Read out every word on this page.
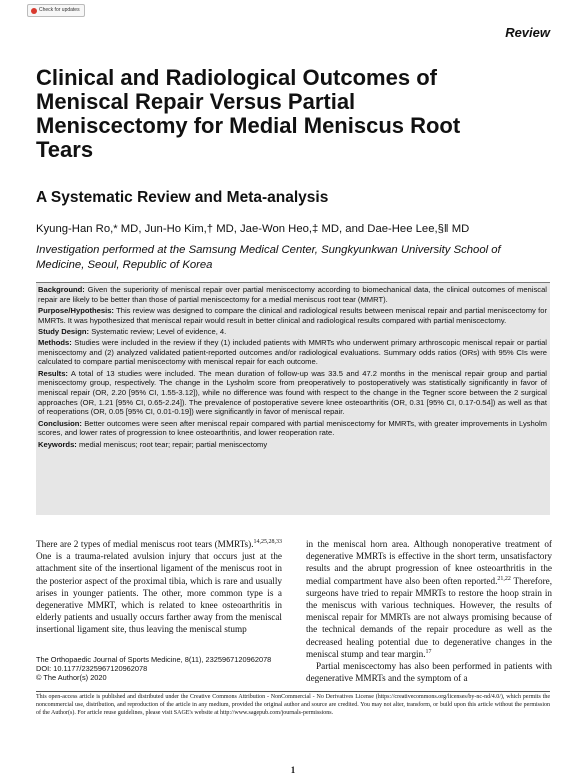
Check for updates
Review
Clinical and Radiological Outcomes of Meniscal Repair Versus Partial Meniscectomy for Medial Meniscus Root Tears
A Systematic Review and Meta-analysis
Kyung-Han Ro,* MD, Jun-Ho Kim,† MD, Jae-Won Heo,‡ MD, and Dae-Hee Lee,§‖ MD
Investigation performed at the Samsung Medical Center, Sungkyunkwan University School of Medicine, Seoul, Republic of Korea

Background: Given the superiority of meniscal repair over partial meniscectomy according to biomechanical data, the clinical outcomes of meniscal repair are likely to be better than those of partial meniscectomy for a medial meniscus root tear (MMRT).

Purpose/Hypothesis: This review was designed to compare the clinical and radiological results between meniscal repair and partial meniscectomy for MMRTs. It was hypothesized that meniscal repair would result in better clinical and radiological results compared with partial meniscectomy.

Study Design: Systematic review; Level of evidence, 4.

Methods: Studies were included in the review if they (1) included patients with MMRTs who underwent primary arthroscopic meniscal repair or partial meniscectomy and (2) analyzed validated patient-reported outcomes and/or radiological evaluations. Summary odds ratios (ORs) with 95% CIs were calculated to compare partial meniscectomy with meniscal repair for each outcome.

Results: A total of 13 studies were included. The mean duration of follow-up was 33.5 and 47.2 months in the meniscal repair group and partial meniscectomy group, respectively. The change in the Lysholm score from preoperatively to postoperatively was statistically significantly in favor of meniscal repair (OR, 2.20 [95% CI, 1.55-3.12]), while no difference was found with respect to the change in the Tegner score between the 2 surgical approaches (OR, 1.21 [95% CI, 0.65-2.24]). The prevalence of postoperative severe knee osteoarthritis (OR, 0.31 [95% CI, 0.17-0.54]) as well as that of reoperations (OR, 0.05 [95% CI, 0.01-0.19]) were significantly in favor of meniscal repair.

Conclusion: Better outcomes were seen after meniscal repair compared with partial meniscectomy for MMRTs, with greater improvements in Lysholm scores, and lower rates of progression to knee osteoarthritis, and lower reoperation rate.

Keywords: medial meniscus; root tear; repair; partial meniscectomy

There are 2 types of medial meniscus root tears (MMRTs).$^{14,25,28,33}$ One is a trauma-related avulsion injury that occurs just at the attachment site of the insertional ligament of the meniscus root in the posterior aspect of the proximal tibia, which is rare and usually arises in younger patients. The other, more common type is a degenerative MMRT, which is related to knee osteoarthritis in elderly patients and usually occurs farther away from the meniscal insertional ligament site, thus leaving the meniscal stump

in the meniscal horn area. Although nonoperative treatment of degenerative MMRTs is effective in the short term, unsatisfactory results and the abrupt progression of knee osteoarthritis in the medial compartment have also been often reported.$^{21,22}$ Therefore, surgeons have tried to repair MMRTs to restore the hoop strain in the meniscus with various techniques. However, the results of meniscal repair for MMRTs are not always promising because of the technical demands of the repair procedure as well as the decreased healing potential due to degenerative changes in the meniscal stump and tear margin.$^{17}$

Partial meniscectomy has also been performed in patients with degenerative MMRTs and the symptom of a

The Orthopaedic Journal of Sports Medicine, 8(11), 2325967120962078
DOI: 10.1177/2325967120962078
© The Author(s) 2020
This open-access article is published and distributed under the Creative Commons Attribution - NonCommercial - No Derivatives License (https://creativecommons.org/licenses/by-nc-nd/4.0/), which permits the noncommercial use, distribution, and reproduction of the article in any medium, provided the original author and source are credited. You may not alter, transform, or build upon this article without the permission of the Author(s). For article reuse guidelines, please visit SAGE's website at http://www.sagepub.com/journals-permissions.
1
